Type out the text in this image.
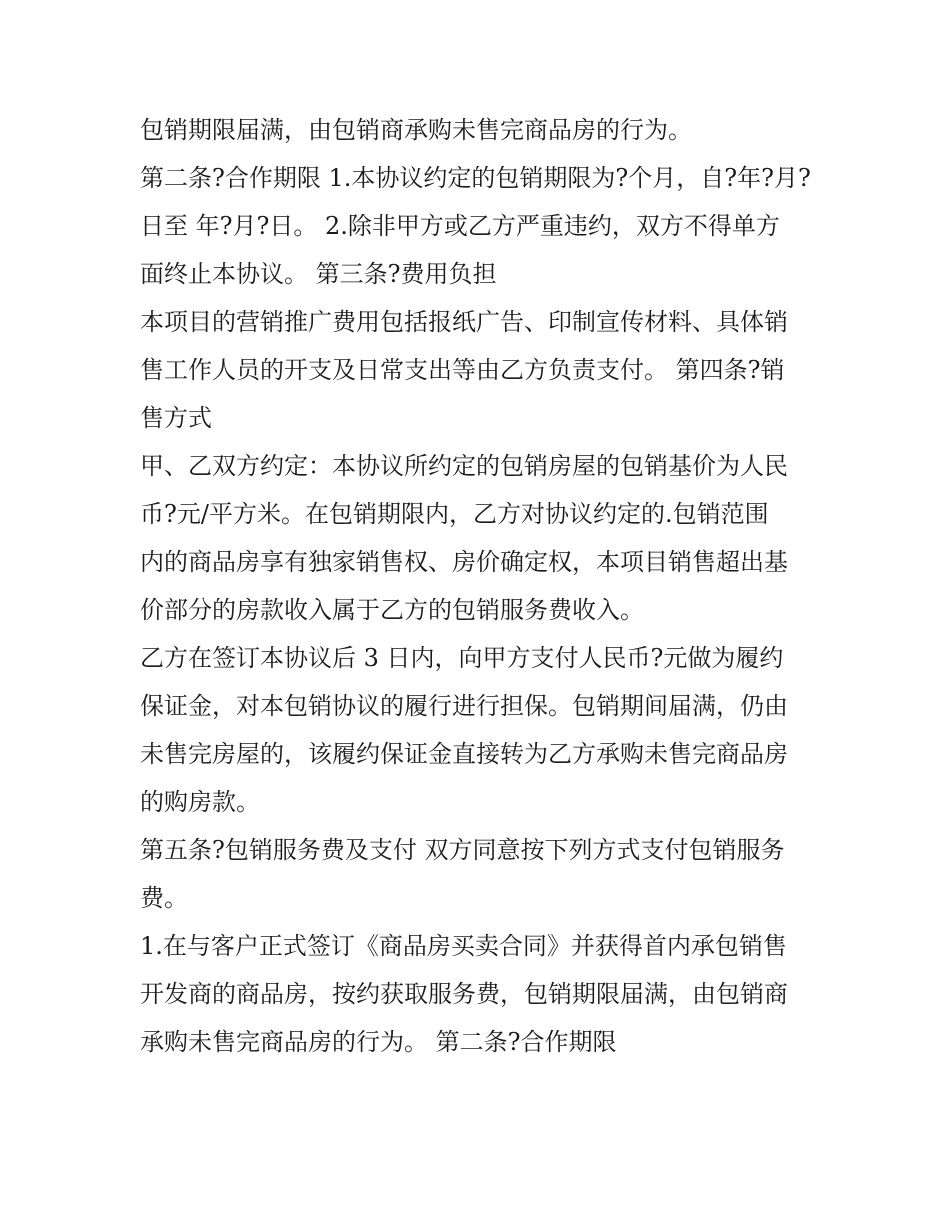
包销期限届满，由包销商承购未售完商品房的行为。
第二条?合作期限 1.本协议约定的包销期限为?个月，自?年?月?
日至 年?月?日。 2.除非甲方或乙方严重违约，双方不得单方
面终止本协议。 第三条?费用负担
本项目的营销推广费用包括报纸广告、印制宣传材料、具体销
售工作人员的开支及日常支出等由乙方负责支付。 第四条?销
售方式
甲、乙双方约定：本协议所约定的包销房屋的包销基价为人民
币?元/平方米。在包销期限内，乙方对协议约定的.包销范围
内的商品房享有独家销售权、房价确定权，本项目销售超出基
价部分的房款收入属于乙方的包销服务费收入。
乙方在签订本协议后 3 日内，向甲方支付人民币?元做为履约
保证金，对本包销协议的履行进行担保。包销期间届满，仍由
未售完房屋的，该履约保证金直接转为乙方承购未售完商品房
的购房款。
第五条?包销服务费及支付 双方同意按下列方式支付包销服务
费。
1.在与客户正式签订《商品房买卖合同》并获得首内承包销售
开发商的商品房，按约获取服务费，包销期限届满，由包销商
承购未售完商品房的行为。 第二条?合作期限
